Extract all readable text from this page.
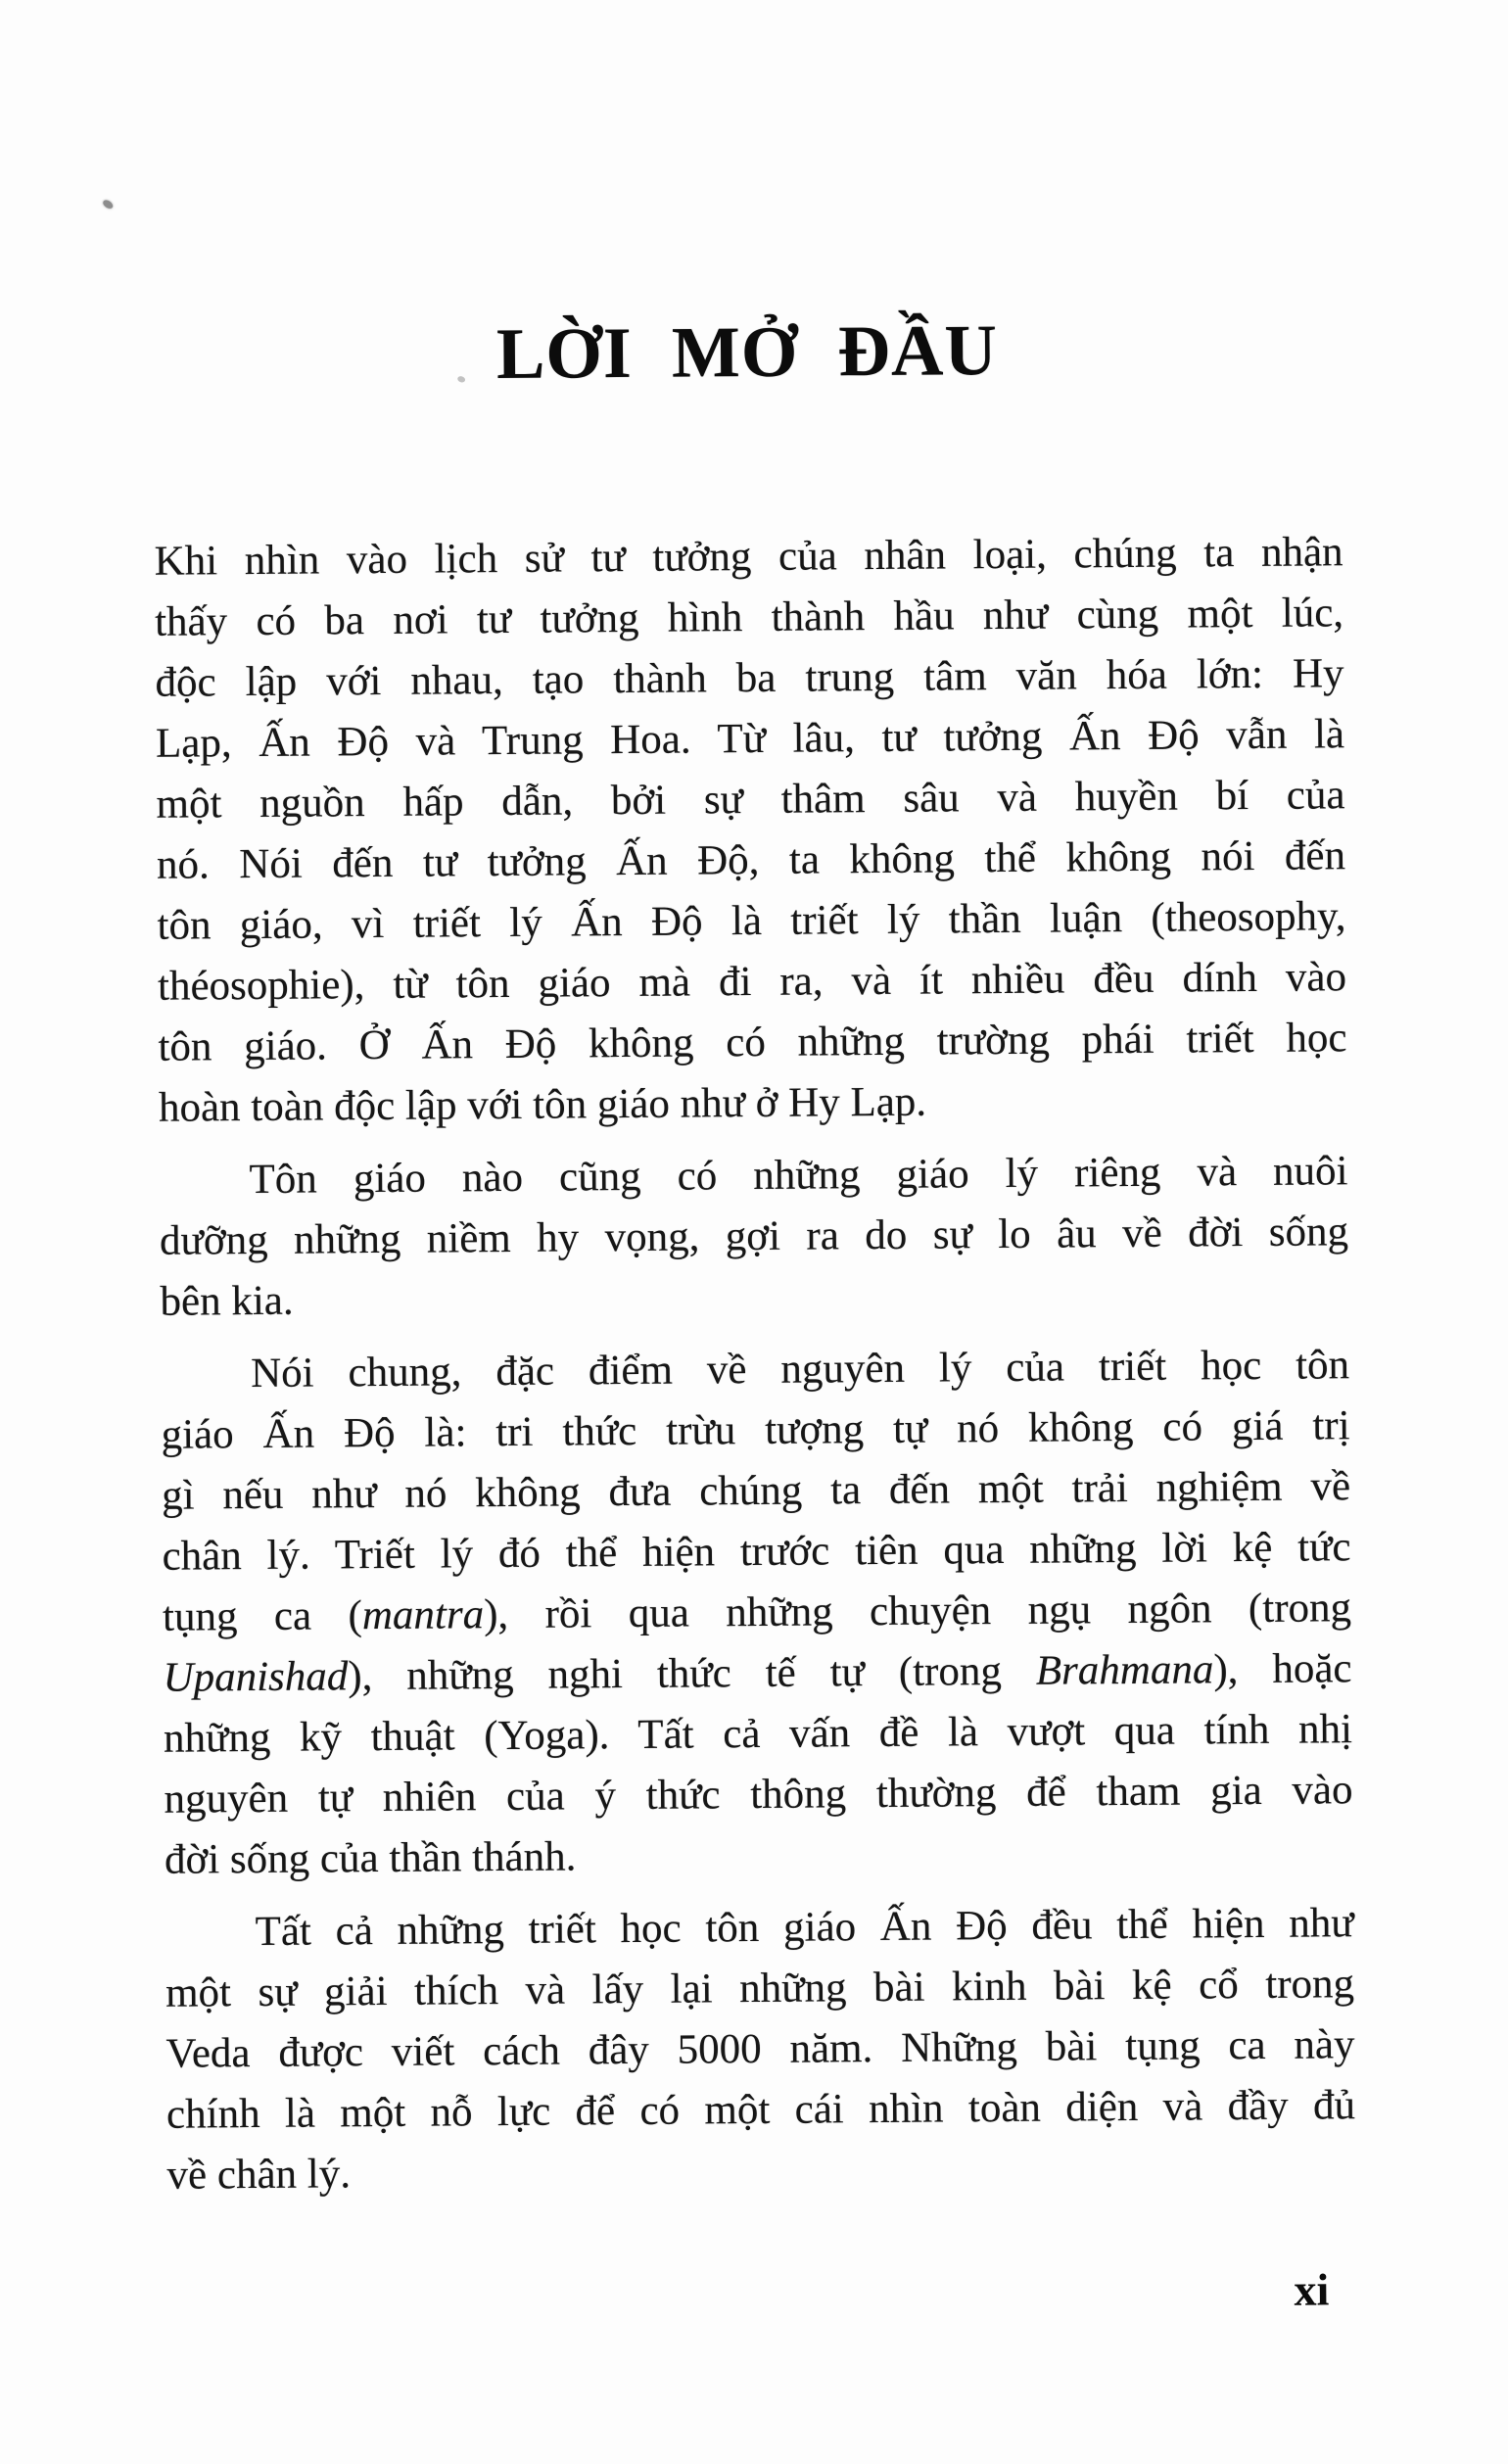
LỜI MỞ ĐẦU
Khi nhìn vào lịch sử tư tưởng của nhân loại, chúng ta nhận
thấy có ba nơi tư tưởng hình thành hầu như cùng một lúc,
độc lập với nhau, tạo thành ba trung tâm văn hóa lớn: Hy
Lạp, Ấn Độ và Trung Hoa. Từ lâu, tư tưởng Ấn Độ vẫn là
một nguồn hấp dẫn, bởi sự thâm sâu và huyền bí của
nó. Nói đến tư tưởng Ấn Độ, ta không thể không nói đến
tôn giáo, vì triết lý Ấn Độ là triết lý thần luận (theosophy,
théosophie), từ tôn giáo mà đi ra, và ít nhiều đều dính vào
tôn giáo. Ở Ấn Độ không có những trường phái triết học
hoàn toàn độc lập với tôn giáo như ở Hy Lạp.
Tôn giáo nào cũng có những giáo lý riêng và nuôi
dưỡng những niềm hy vọng, gợi ra do sự lo âu về đời sống
bên kia.
Nói chung, đặc điểm về nguyên lý của triết học tôn
giáo Ấn Độ là: tri thức trừu tượng tự nó không có giá trị
gì nếu như nó không đưa chúng ta đến một trải nghiệm về
chân lý. Triết lý đó thể hiện trước tiên qua những lời kệ tức
tụng ca (mantra), rồi qua những chuyện ngụ ngôn (trong
Upanishad), những nghi thức tế tự (trong Brahmana), hoặc
những kỹ thuật (Yoga). Tất cả vấn đề là vượt qua tính nhị
nguyên tự nhiên của ý thức thông thường để tham gia vào
đời sống của thần thánh.
Tất cả những triết học tôn giáo Ấn Độ đều thể hiện như
một sự giải thích và lấy lại những bài kinh bài kệ cổ trong
Veda được viết cách đây 5000 năm. Những bài tụng ca này
chính là một nỗ lực để có một cái nhìn toàn diện và đầy đủ
về chân lý.
xi
